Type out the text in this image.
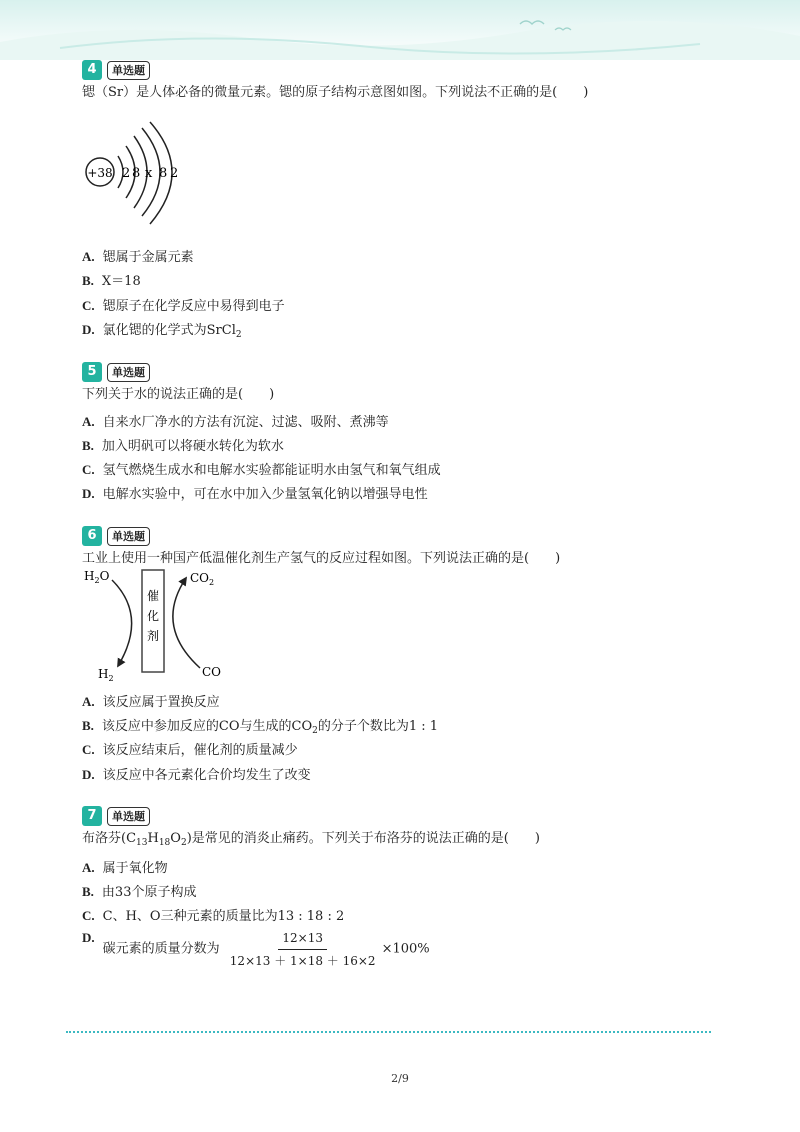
4	单选题
锶（Sr）是人体必备的微量元素。锶的原子结构示意图如图。下列说法不正确的是(　　)
+38 2 8 x 8 2
A. 锶属于金属元素
B. X＝18
C. 锶原子在化学反应中易得到电子
D. 氯化锶的化学式为SrCl$_2$
5	单选题
下列关于水的说法正确的是(　　)
A. 自来水厂净水的方法有沉淀、过滤、吸附、煮沸等
B. 加入明矾可以将硬水转化为软水
C. 氢气燃烧生成水和电解水实验都能证明水由氢气和氧气组成
D. 电解水实验中，可在水中加入少量氢氧化钠以增强导电性
6	单选题
工业上使用一种国产低温催化剂生产氢气的反应过程如图。下列说法正确的是(　　)
催
化
剂
$H_2O$	$CO_2$
$H_2$	CO
A. 该反应属于置换反应
B. 该反应中参加反应的CO与生成的$CO_2$的分子个数比为1 : 1
C. 该反应结束后，催化剂的质量减少
D. 该反应中各元素化合价均发生了改变
7	单选题
布洛芬$(C_{13}H_{18}O_2)$是常见的消炎止痛药。下列关于布洛芬的说法正确的是(　　)
A. 属于氧化物
B. 由33个原子构成
C. C、H、O三种元素的质量比为13 : 18 : 2
D.碳元素的质量分数为 $\frac{12\times 13}{12\times 13 + 1\times 18 + 16\times 2} \times 100\%$
2/9
